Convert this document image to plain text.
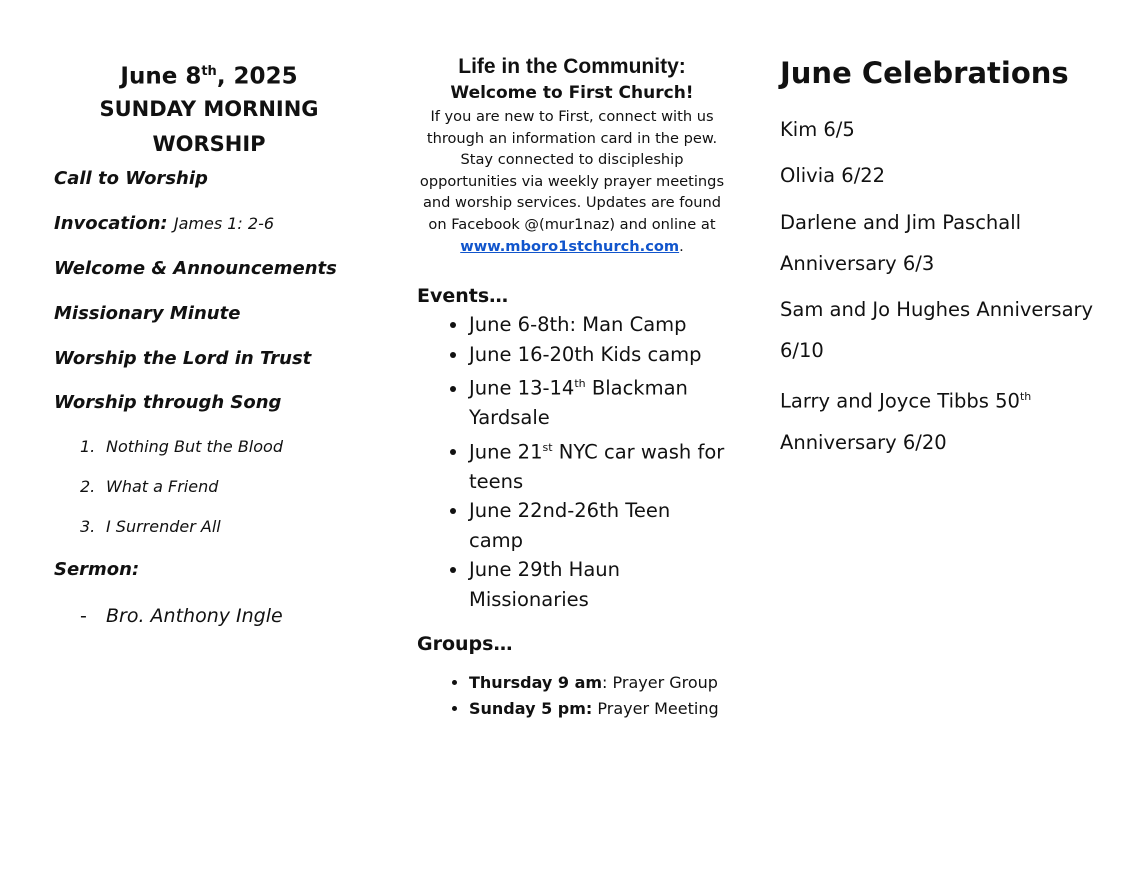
June 8th, 2025
SUNDAY MORNING
WORSHIP
Call to Worship
Invocation: James 1: 2-6
Welcome & Announcements
Missionary Minute
Worship the Lord in Trust
Worship through Song
1. Nothing But the Blood
2. What a Friend
3. I Surrender All
Sermon:
- Bro. Anthony Ingle
Life in the Community:
Welcome to First Church!
If you are new to First, connect with us through an information card in the pew. Stay connected to discipleship opportunities via weekly prayer meetings and worship services. Updates are found on Facebook @(mur1naz) and online at www.mboro1stchurch.com.
Events…
• June 6-8th: Man Camp
• June 16-20th Kids camp
• June 13-14th Blackman Yardsale
• June 21st NYC car wash for teens
• June 22nd-26th Teen camp
• June 29th Haun Missionaries
Groups…
• Thursday 9 am: Prayer Group
• Sunday 5 pm: Prayer Meeting
June Celebrations
Kim 6/5
Olivia 6/22
Darlene and Jim Paschall Anniversary 6/3
Sam and Jo Hughes Anniversary 6/10
Larry and Joyce Tibbs 50th Anniversary 6/20
